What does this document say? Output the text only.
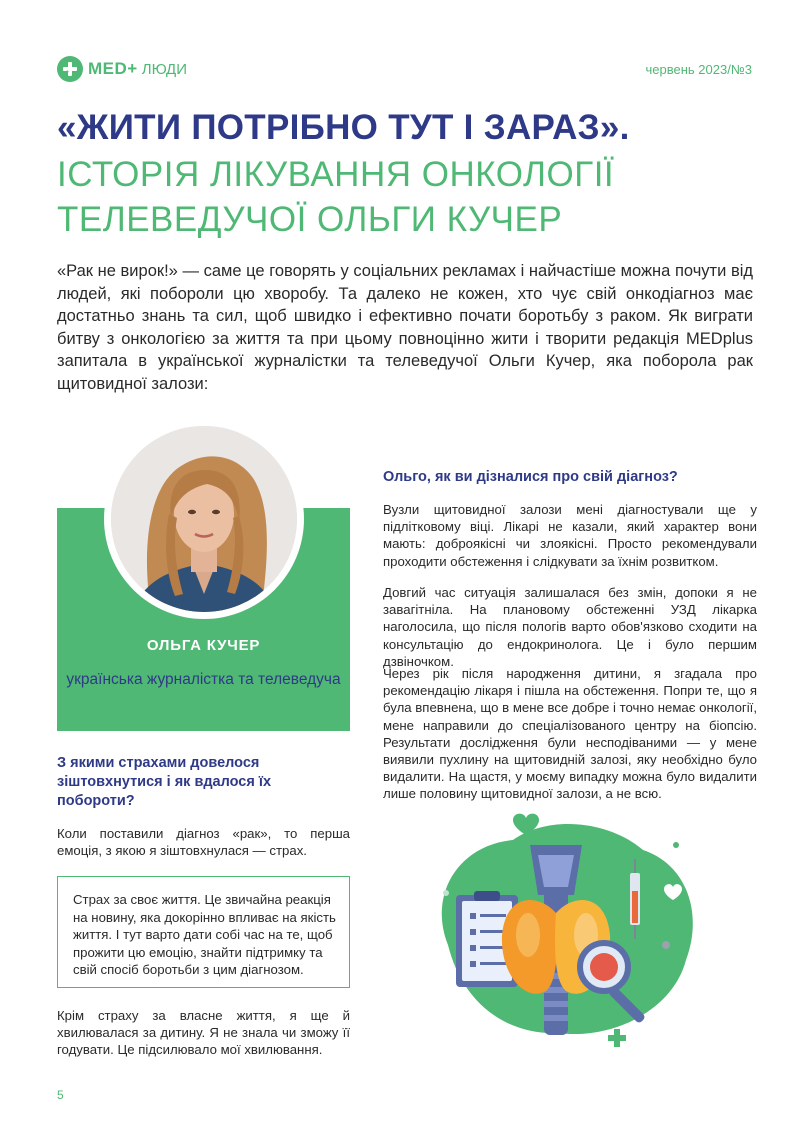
MED+ ЛЮДИ	червень 2023/№3
«ЖИТИ ПОТРІБНО ТУТ І ЗАРАЗ».
ІСТОРІЯ ЛІКУВАННЯ ОНКОЛОГІЇ ТЕЛЕВЕДУЧОЇ ОЛЬГИ КУЧЕР
«Рак не вирок!» — саме це говорять у соціальних рекламах і найчастіше можна почути від людей, які побороли цю хворобу. Та далеко не кожен, хто чує свій онкодіагноз має достатньо знань та сил, щоб швидко і ефективно почати боротьбу з раком. Як виграти битву з онкологією за життя та при цьому повноцінно жити і творити редакція MEDplus запитала в української журналістки та телеведучої Ольги Кучер, яка поборола рак щитовидної залози:
ОЛЬГА КУЧЕР
українська журналістка та телеведуча
З якими страхами довелося зіштовхнутися і як вдалося їх побороти?
Коли поставили діагноз «рак», то перша емоція, з якою я зіштовхнулася — страх.
Страх за своє життя. Це звичайна реакція на новину, яка докорінно впливає на якість життя. І тут варто дати собі час на те, щоб прожити цю емоцію, знайти підтримку та свій спосіб боротьби з цим діагнозом.
Крім страху за власне життя, я ще й хвилювалася за дитину. Я не знала чи зможу її годувати. Це підсилювало мої хвилювання.
Ольго, як ви дізналися про свій діагноз?
Вузли щитовидної залози мені діагностували ще у підлітковому віці. Лікарі не казали, який характер вони мають: доброякісні чи злоякісні. Просто рекомендували проходити обстеження і слідкувати за їхнім розвитком.
Довгий час ситуація залишалася без змін, допоки я не завагітніла. На плановому обстеженні УЗД лікарка наголосила, що після пологів варто обов'язково сходити на консультацію до ендокринолога. Це і було першим дзвіночком.
Через рік після народження дитини, я згадала про рекомендацію лікаря і пішла на обстеження. Попри те, що я була впевнена, що в мене все добре і точно немає онкології, мене направили до спеціалізованого центру на біопсію. Результати дослідження були несподіваними — у мене виявили пухлину на щитовидній залозі, яку необхідно було видалити. На щастя, у моєму випадку можна було видалити лише половину щитовидної залози, а не всю.
5
